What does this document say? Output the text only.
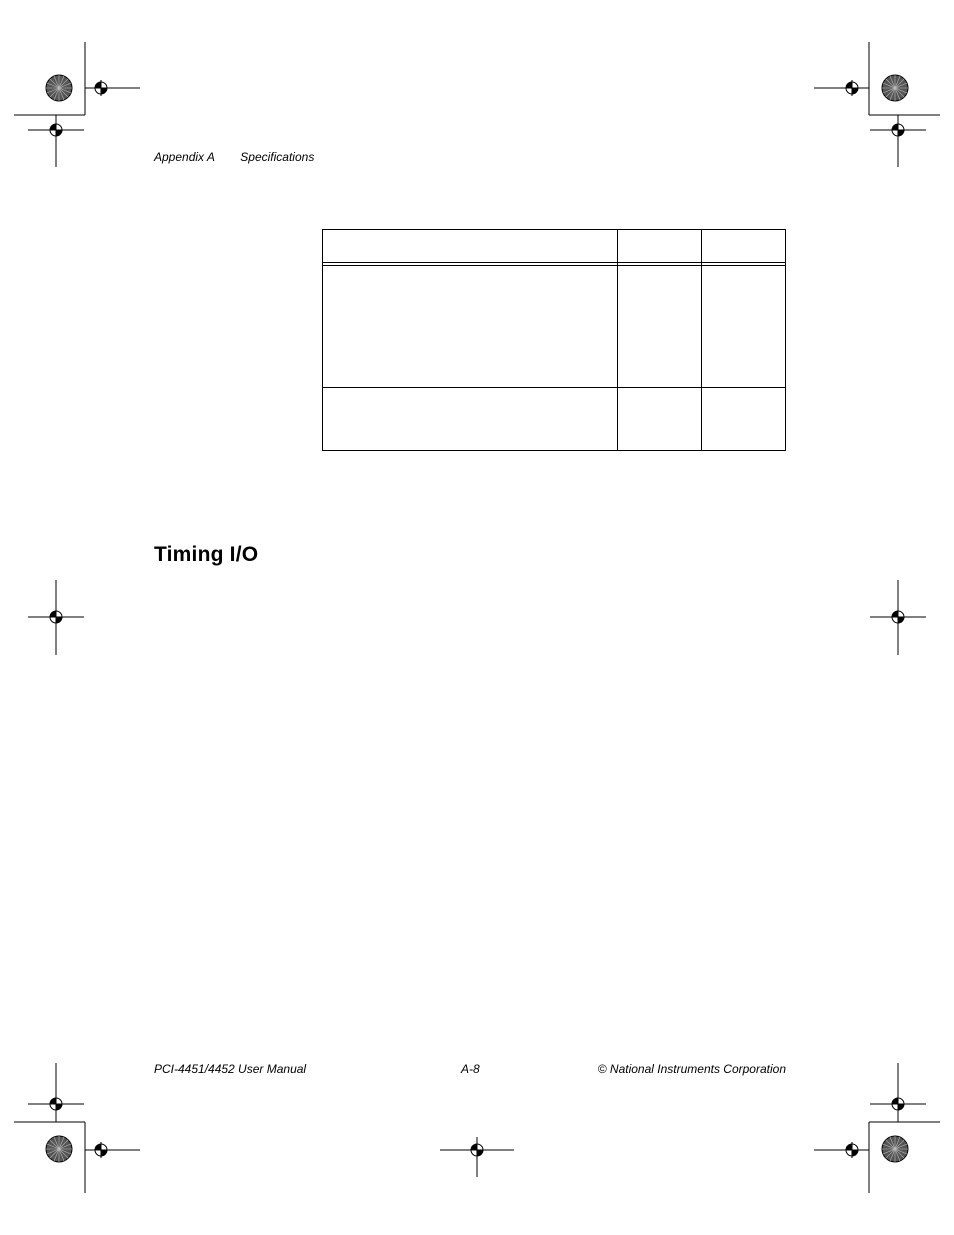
Appendix A Specifications
Timing I/O
PCI-4451/4452 User Manual	A-8	© National Instruments Corporation
